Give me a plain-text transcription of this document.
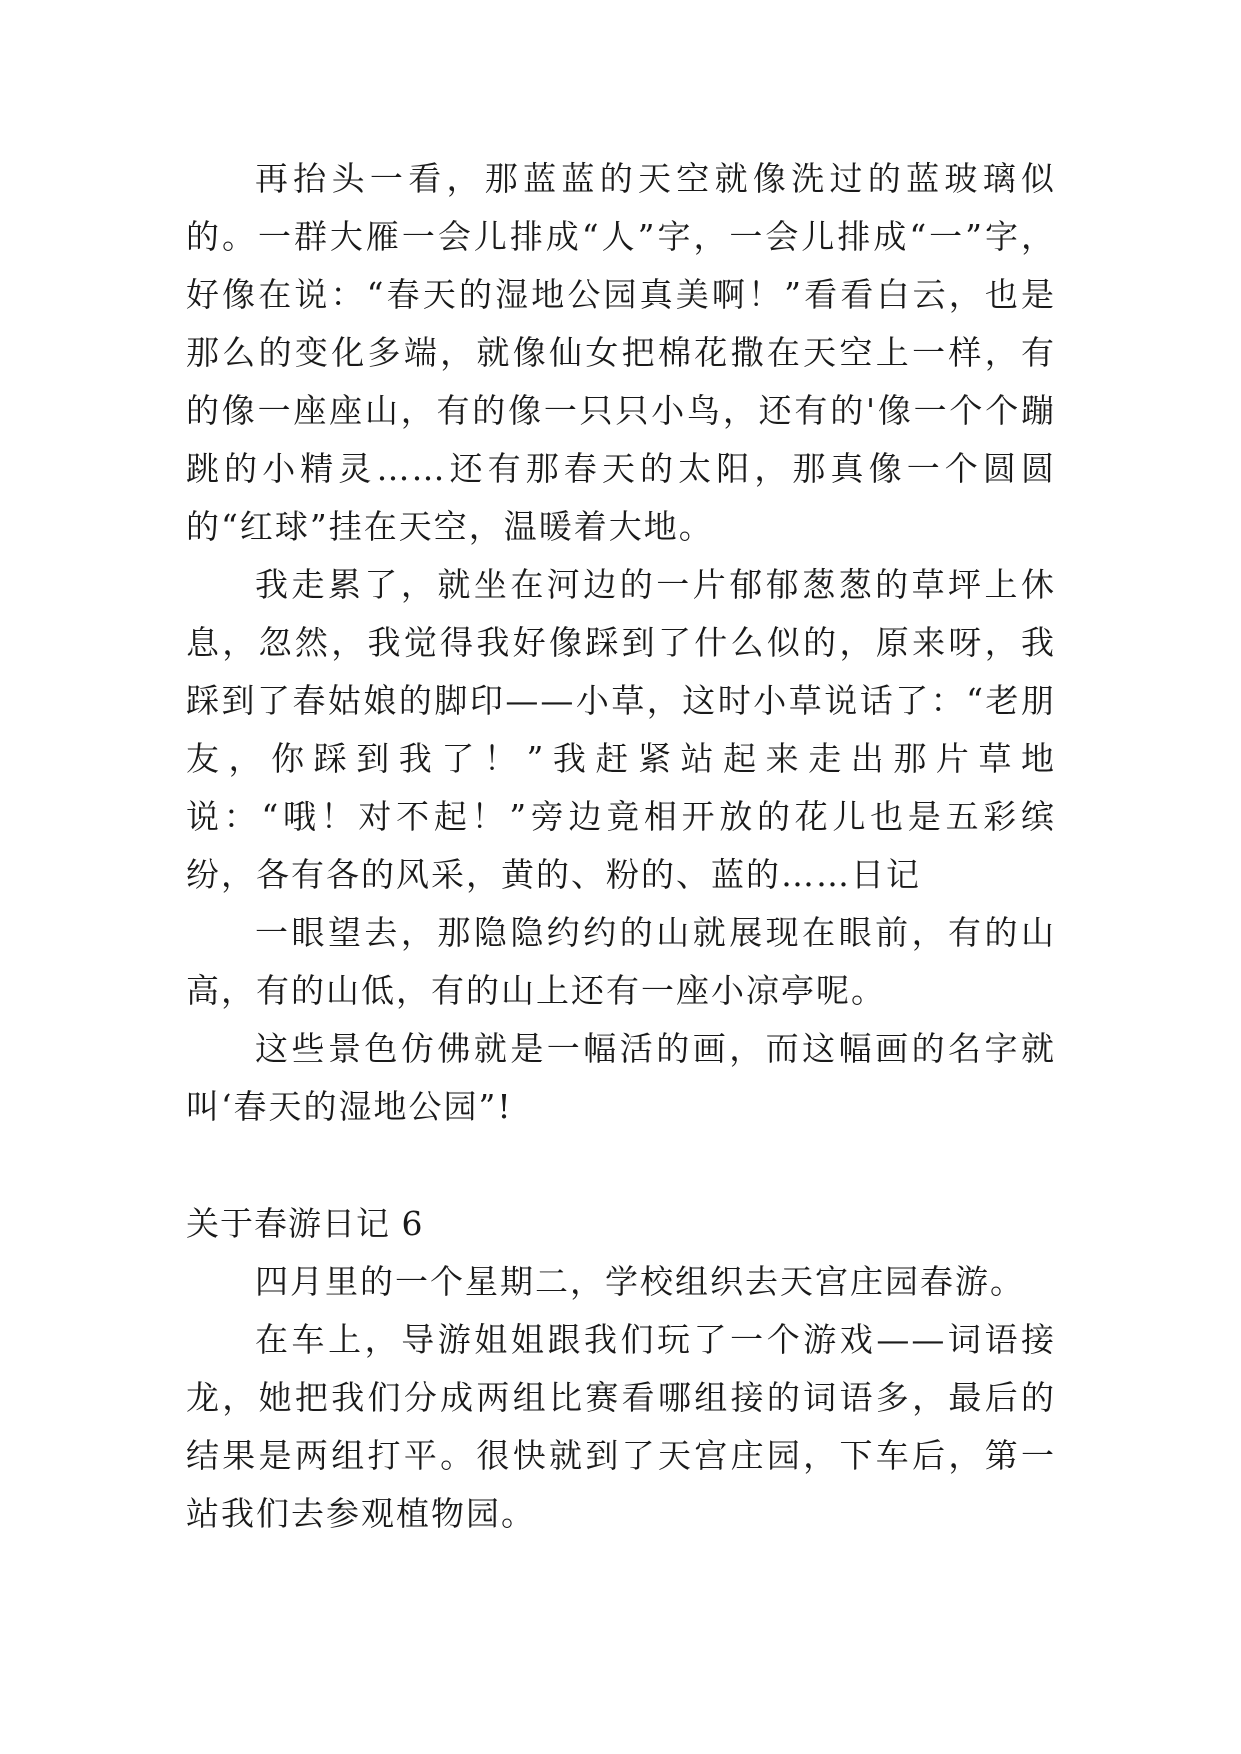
再抬头一看，那蓝蓝的天空就像洗过的蓝玻璃似的。一群大雁一会儿排成“人”字，一会儿排成“一”字，好像在说：“春天的湿地公园真美啊！”看看白云，也是那么的变化多端，就像仙女把棉花撒在天空上一样，有的像一座座山，有的像一只只小鸟，还有的'像一个个蹦跳的小精灵……还有那春天的太阳，那真像一个圆圆的“红球”挂在天空，温暖着大地。

我走累了，就坐在河边的一片郁郁葱葱的草坪上休息，忽然，我觉得我好像踩到了什么似的，原来呀，我踩到了春姑娘的脚印——小草，这时小草说话了：“老朋友，你踩到我了！”我赶紧站起来走出那片草地说：“哦！对不起！”旁边竟相开放的花儿也是五彩缤纷，各有各的风采，黄的、粉的、蓝的……日记

一眼望去，那隐隐约约的山就展现在眼前，有的山高，有的山低，有的山上还有一座小凉亭呢。

这些景色仿佛就是一幅活的画，而这幅画的名字就叫‘春天的湿地公园”!

关于春游日记 6

四月里的一个星期二，学校组织去天宫庄园春游。

在车上，导游姐姐跟我们玩了一个游戏——词语接龙，她把我们分成两组比赛看哪组接的词语多，最后的结果是两组打平。很快就到了天宫庄园，下车后，第一站我们去参观植物园。
